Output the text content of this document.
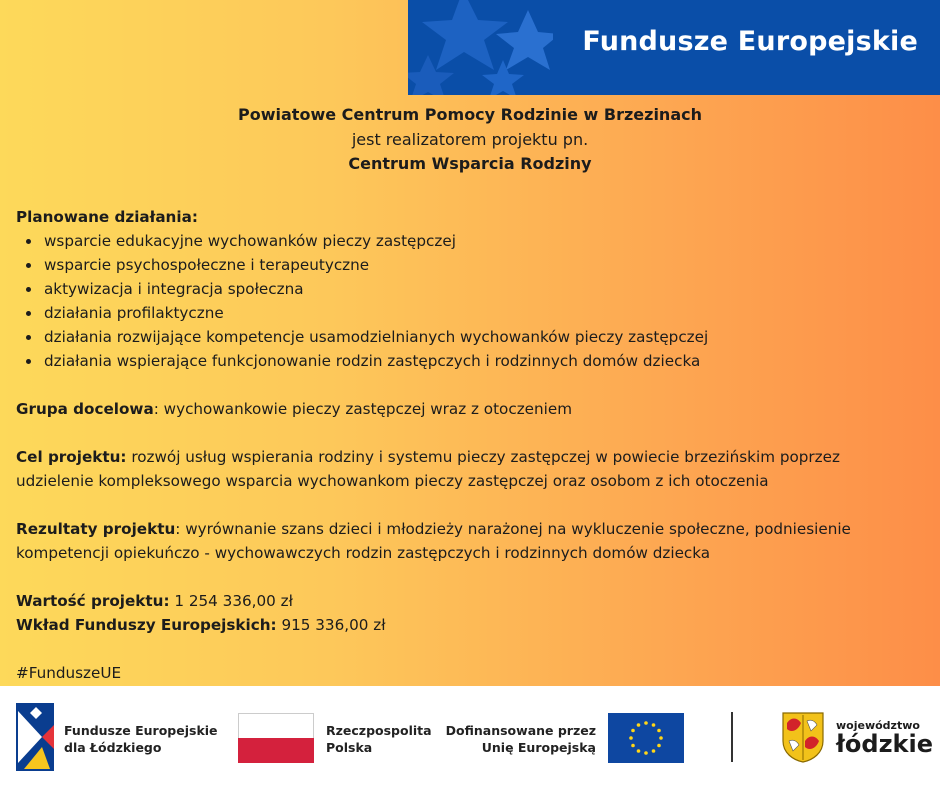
Fundusze Europejskie
Powiatowe Centrum Pomocy Rodzinie w Brzezinach
jest realizatorem projektu pn.
Centrum Wsparcia Rodziny
Planowane działania:
wsparcie edukacyjne wychowanków pieczy zastępczej
wsparcie psychospołeczne i terapeutyczne
aktywizacja i integracja społeczna
działania profilaktyczne
działania rozwijające kompetencje usamodzielnianych wychowanków pieczy zastępczej
działania wspierające funkcjonowanie rodzin zastępczych i rodzinnych domów dziecka

Grupa docelowa: wychowankowie pieczy zastępczej wraz z otoczeniem

Cel projektu: rozwój usług wspierania rodziny i systemu pieczy zastępczej w powiecie brzezińskim poprzez udzielenie kompleksowego wsparcia wychowankom pieczy zastępczej oraz osobom z ich otoczenia

Rezultaty projektu: wyrównanie szans dzieci i młodzieży narażonej na wykluczenie społeczne, podniesienie kompetencji opiekuńczo - wychowawczych rodzin zastępczych i rodzinnych domów dziecka

Wartość projektu: 1 254 336,00 zł

Wkład Funduszy Europejskich: 915 336,00 zł

#FunduszeUE

Fundusze Europejskie
dla Łódzkiego
Rzeczpospolita
Polska
Dofinansowane przez
Unię Europejską
województwo
łódzkie
